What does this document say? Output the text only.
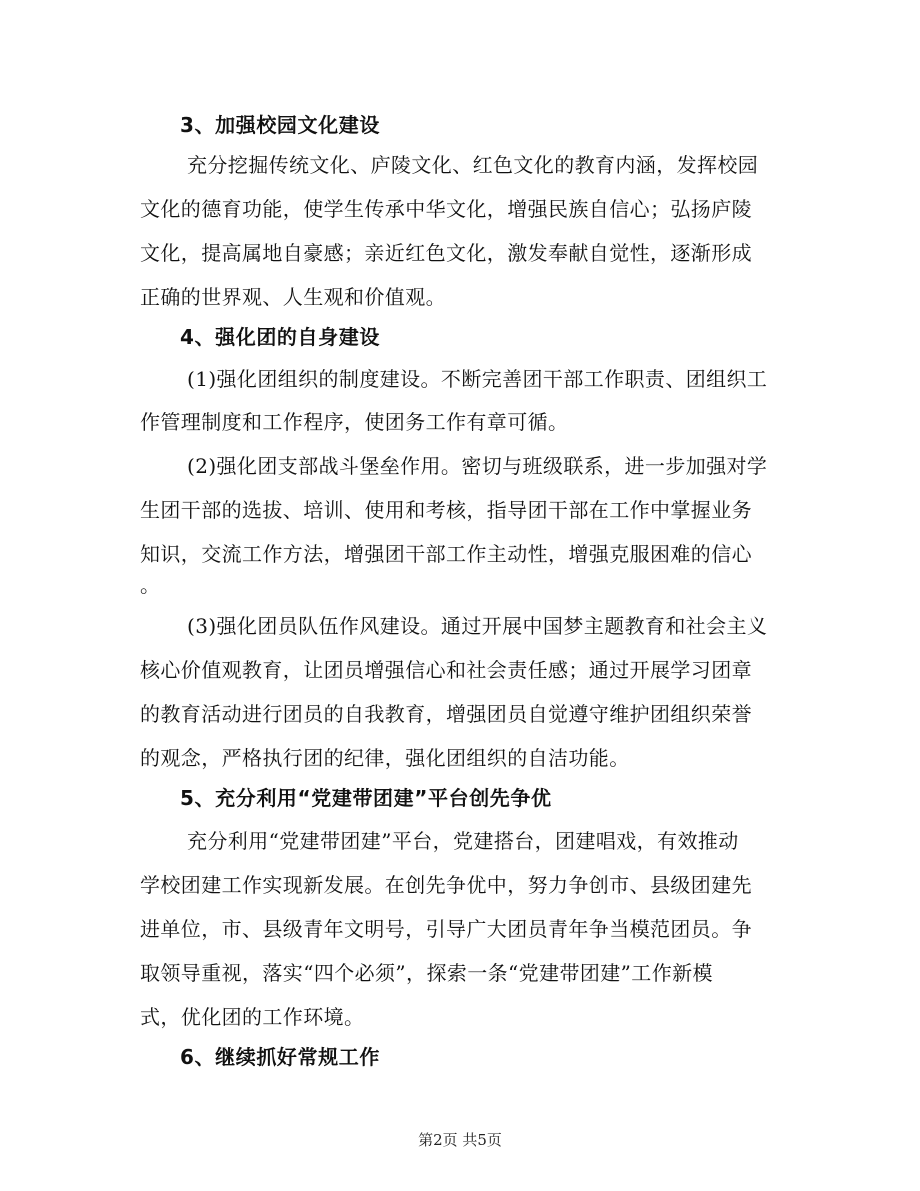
3、加强校园文化建设
充分挖掘传统文化、庐陵文化、红色文化的教育内涵，发挥校园
文化的德育功能，使学生传承中华文化，增强民族自信心；弘扬庐陵
文化，提高属地自豪感；亲近红色文化，激发奉献自觉性，逐渐形成
正确的世界观、人生观和价值观。
4、强化团的自身建设
(1)强化团组织的制度建设。不断完善团干部工作职责、团组织工
作管理制度和工作程序，使团务工作有章可循。
(2)强化团支部战斗堡垒作用。密切与班级联系，进一步加强对学
生团干部的选拔、培训、使用和考核，指导团干部在工作中掌握业务
知识，交流工作方法，增强团干部工作主动性，增强克服困难的信心
。
(3)强化团员队伍作风建设。通过开展中国梦主题教育和社会主义
核心价值观教育，让团员增强信心和社会责任感；通过开展学习团章
的教育活动进行团员的自我教育，增强团员自觉遵守维护团组织荣誉
的观念，严格执行团的纪律，强化团组织的自洁功能。
5、充分利用“党建带团建”平台创先争优
充分利用“党建带团建”平台，党建搭台，团建唱戏，有效推动
学校团建工作实现新发展。在创先争优中，努力争创市、县级团建先
进单位，市、县级青年文明号，引导广大团员青年争当模范团员。争
取领导重视，落实“四个必须”，探索一条“党建带团建”工作新模
式，优化团的工作环境。
6、继续抓好常规工作
第2页 共5页
